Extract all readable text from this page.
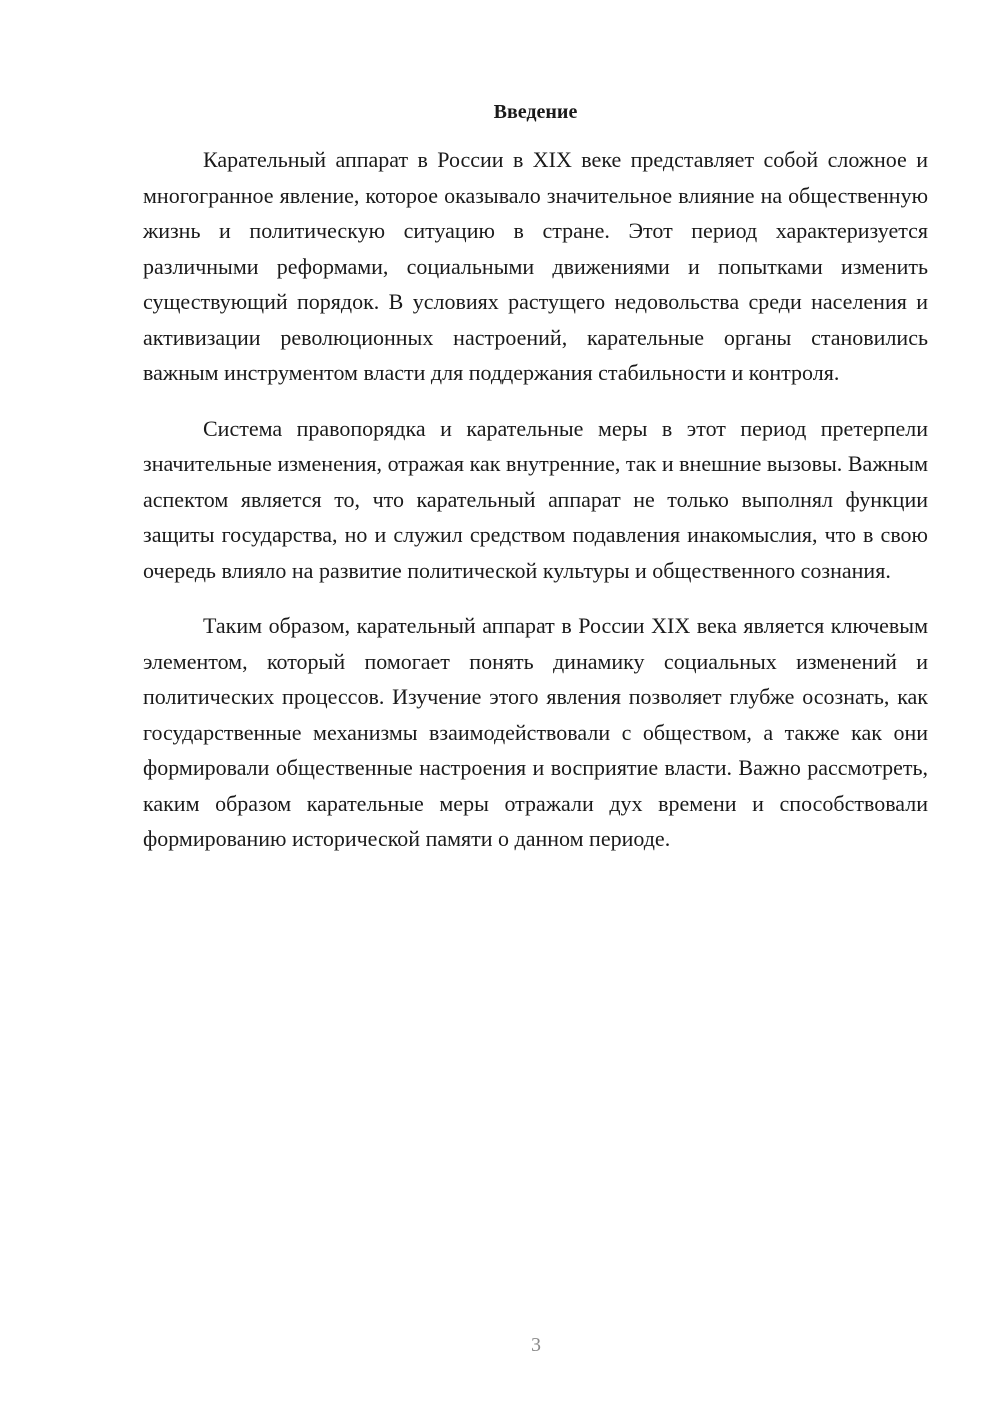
Введение

Карательный аппарат в России в XIX веке представляет собой сложное и многогранное явление, которое оказывало значительное влияние на общественную жизнь и политическую ситуацию в стране. Этот период характеризуется различными реформами, социальными движениями и попытками изменить существующий порядок. В условиях растущего недовольства среди населения и активизации революционных настроений, карательные органы становились важным инструментом власти для поддержания стабильности и контроля.

Система правопорядка и карательные меры в этот период претерпели значительные изменения, отражая как внутренние, так и внешние вызовы. Важным аспектом является то, что карательный аппарат не только выполнял функции защиты государства, но и служил средством подавления инакомыслия, что в свою очередь влияло на развитие политической культуры и общественного сознания.

Таким образом, карательный аппарат в России XIX века является ключевым элементом, который помогает понять динамику социальных изменений и политических процессов. Изучение этого явления позволяет глубже осознать, как государственные механизмы взаимодействовали с обществом, а также как они формировали общественные настроения и восприятие власти. Важно рассмотреть, каким образом карательные меры отражали дух времени и способствовали формированию исторической памяти о данном периоде.

3
